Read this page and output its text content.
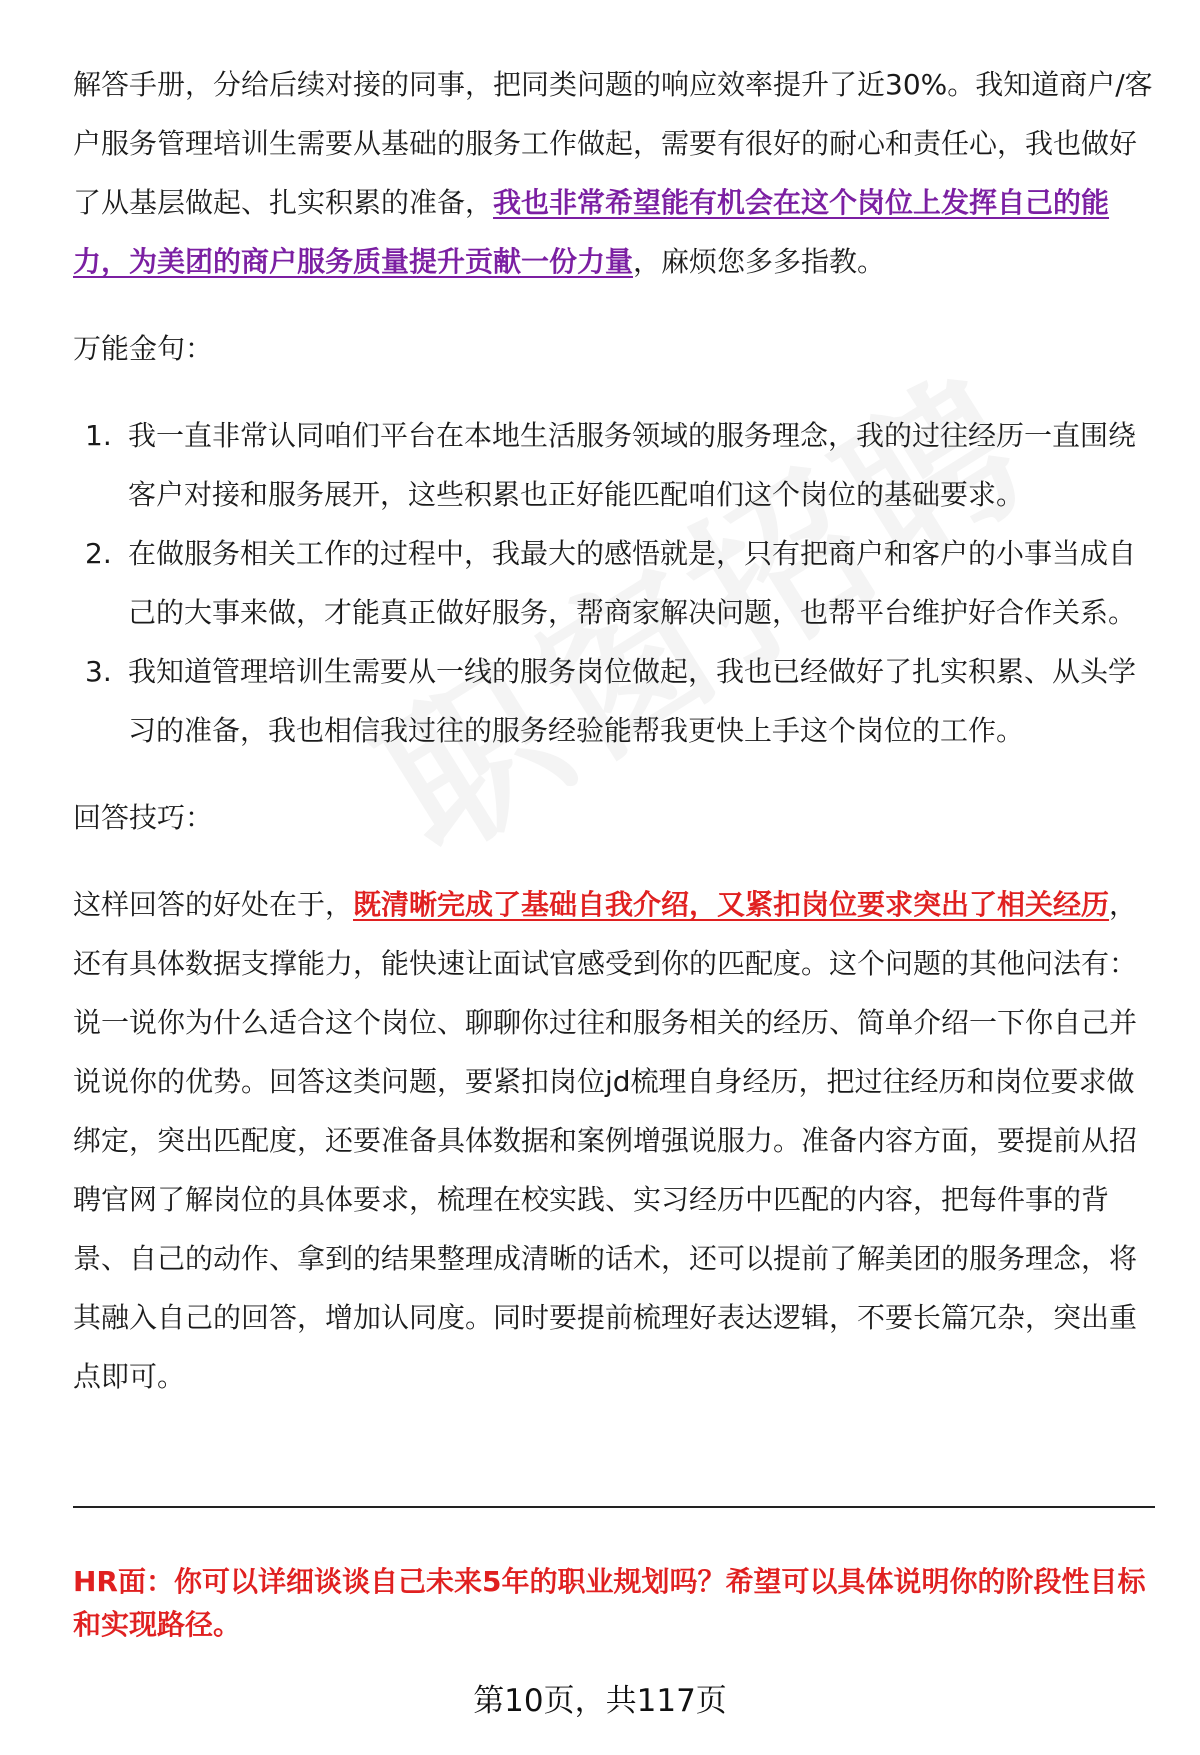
解答手册，分给后续对接的同事，把同类问题的响应效率提升了近30%。我知道商户/客户服务管理培训生需要从基础的服务工作做起，需要有很好的耐心和责任心，我也做好了从基层做起、扎实积累的准备，我也非常希望能有机会在这个岗位上发挥自己的能力，为美团的商户服务质量提升贡献一份力量，麻烦您多多指教。

万能金句：

1. 我一直非常认同咱们平台在本地生活服务领域的服务理念，我的过往经历一直围绕客户对接和服务展开，这些积累也正好能匹配咱们这个岗位的基础要求。
2. 在做服务相关工作的过程中，我最大的感悟就是，只有把商户和客户的小事当成自己的大事来做，才能真正做好服务，帮商家解决问题，也帮平台维护好合作关系。
3. 我知道管理培训生需要从一线的服务岗位做起，我也已经做好了扎实积累、从头学习的准备，我也相信我过往的服务经验能帮我更快上手这个岗位的工作。

回答技巧：

这样回答的好处在于，既清晰完成了基础自我介绍，又紧扣岗位要求突出了相关经历，还有具体数据支撑能力，能快速让面试官感受到你的匹配度。这个问题的其他问法有：说一说你为什么适合这个岗位、聊聊你过往和服务相关的经历、简单介绍一下你自己并说说你的优势。回答这类问题，要紧扣岗位jd梳理自身经历，把过往经历和岗位要求做绑定，突出匹配度，还要准备具体数据和案例增强说服力。准备内容方面，要提前从招聘官网了解岗位的具体要求，梳理在校实践、实习经历中匹配的内容，把每件事的背景、自己的动作、拿到的结果整理成清晰的话术，还可以提前了解美团的服务理念，将其融入自己的回答，增加认同度。同时要提前梳理好表达逻辑，不要长篇冗杂，突出重点即可。

HR面：你可以详细谈谈自己未来5年的职业规划吗？希望可以具体说明你的阶段性目标和实现路径。
第10页，共117页
